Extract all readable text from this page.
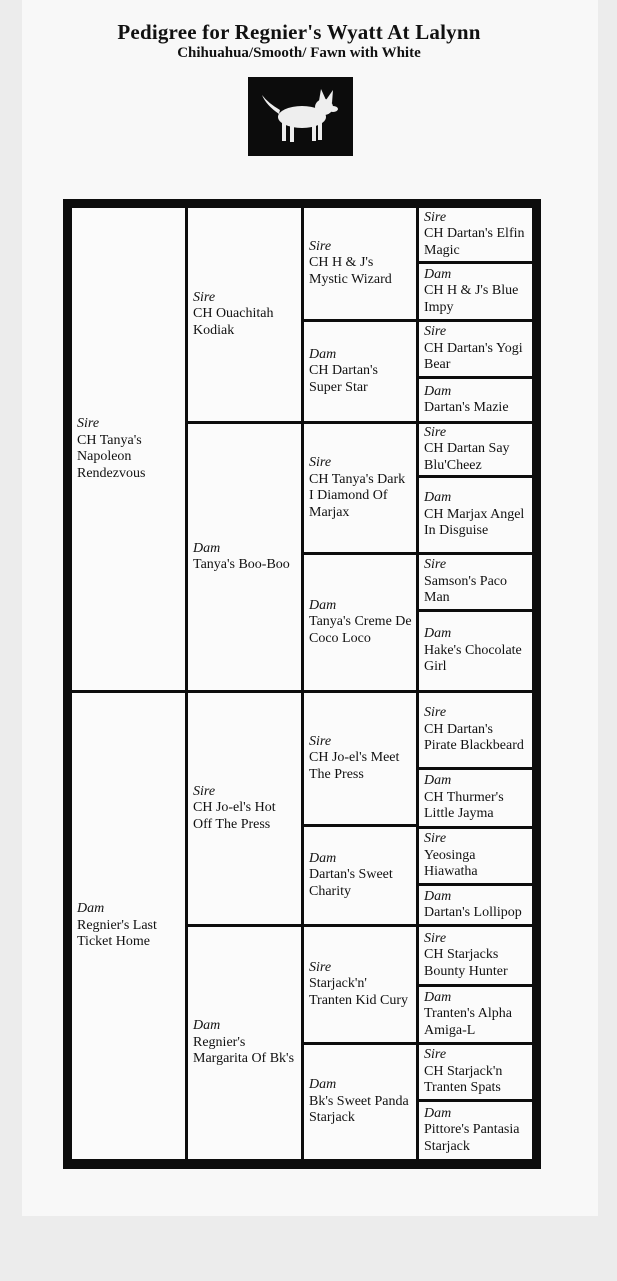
Pedigree for Regnier's Wyatt At Lalynn
Chihuahua/Smooth/ Fawn with White
Sire
CH Tanya's Napoleon Rendezvous
Dam
Regnier's Last Ticket Home
Sire
CH Ouachitah Kodiak
Dam
Tanya's Boo-Boo
Sire
CH Jo-el's Hot Off The Press
Dam
Regnier's Margarita Of Bk's
Sire
CH H & J's Mystic Wizard
Dam
CH Dartan's Super Star
Sire
CH Tanya's Dark I Diamond Of Marjax
Dam
Tanya's Creme De Coco Loco
Sire
CH Jo-el's Meet The Press
Dam
Dartan's Sweet Charity
Sire
Starjack'n' Tranten Kid Cury
Dam
Bk's Sweet Panda Starjack
Sire
CH Dartan's Elfin Magic
Dam
CH H & J's Blue Impy
Sire
CH Dartan's Yogi Bear
Dam
Dartan's Mazie
Sire
CH Dartan Say Blu'Cheez
Dam
CH Marjax Angel In Disguise
Sire
Samson's Paco Man
Dam
Hake's Chocolate Girl
Sire
CH Dartan's Pirate Blackbeard
Dam
CH Thurmer's Little Jayma
Sire
Yeosinga Hiawatha
Dam
Dartan's Lollipop
Sire
CH Starjacks Bounty Hunter
Dam
Tranten's Alpha Amiga-L
Sire
CH Starjack'n Tranten Spats
Dam
Pittore's Pantasia Starjack
